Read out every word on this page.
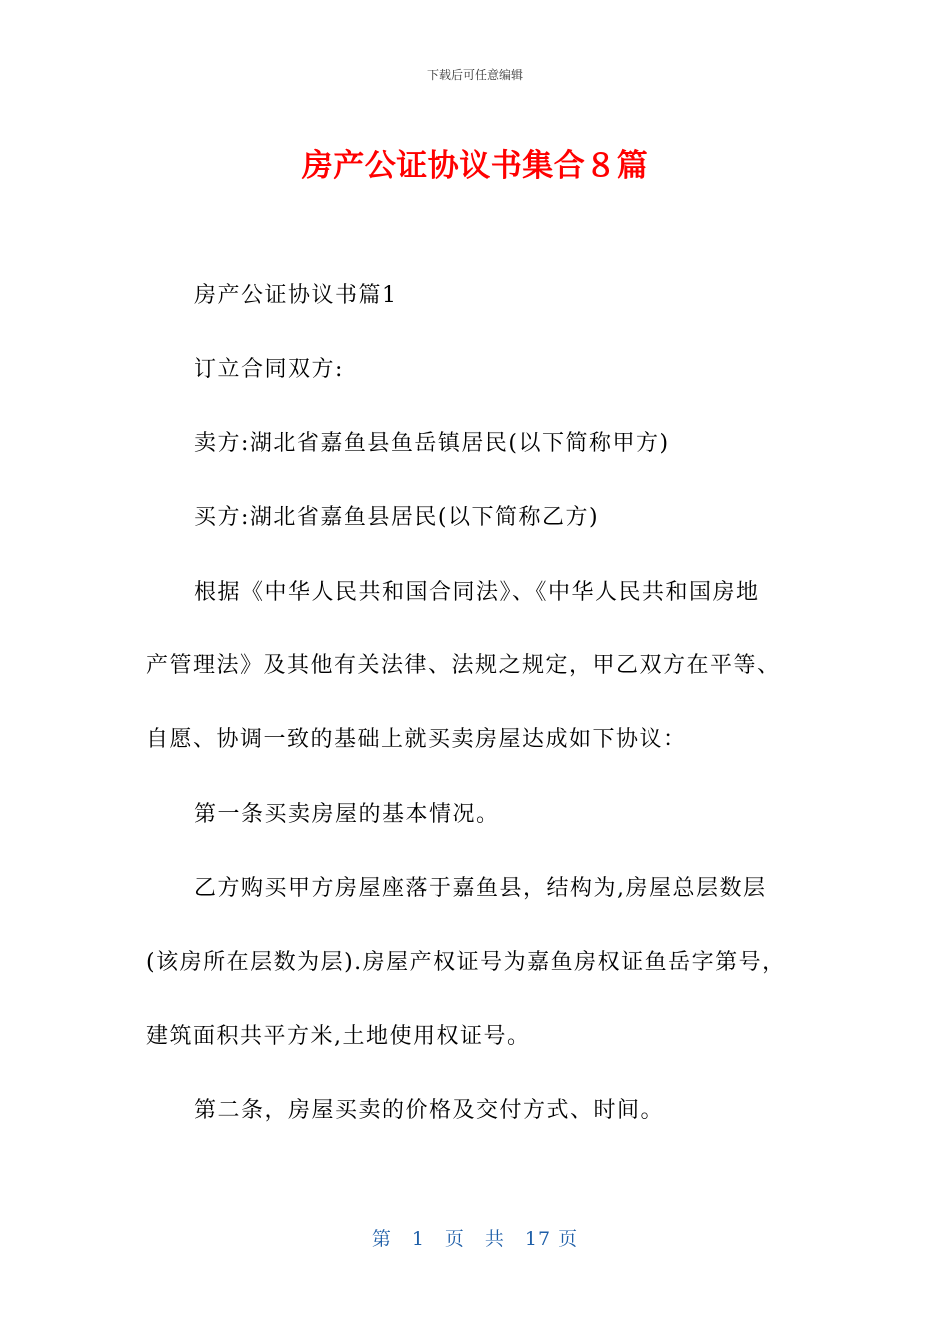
下载后可任意编辑
房产公证协议书集合８篇
房产公证协议书篇1
订立合同双方:
卖方:湖北省嘉鱼县鱼岳镇居民(以下简称甲方)
买方:湖北省嘉鱼县居民(以下简称乙方)
根据《中华人民共和国合同法》、《中华人民共和国房地
产管理法》及其他有关法律、法规之规定，甲乙双方在平等、
自愿、协调一致的基础上就买卖房屋达成如下协议：
第一条买卖房屋的基本情况。
乙方购买甲方房屋座落于嘉鱼县，结构为,房屋总层数层
(该房所在层数为层).房屋产权证号为嘉鱼房权证鱼岳字第号，
建筑面积共平方米,土地使用权证号。
第二条，房屋买卖的价格及交付方式、时间。
第　1　页　共　17 页
